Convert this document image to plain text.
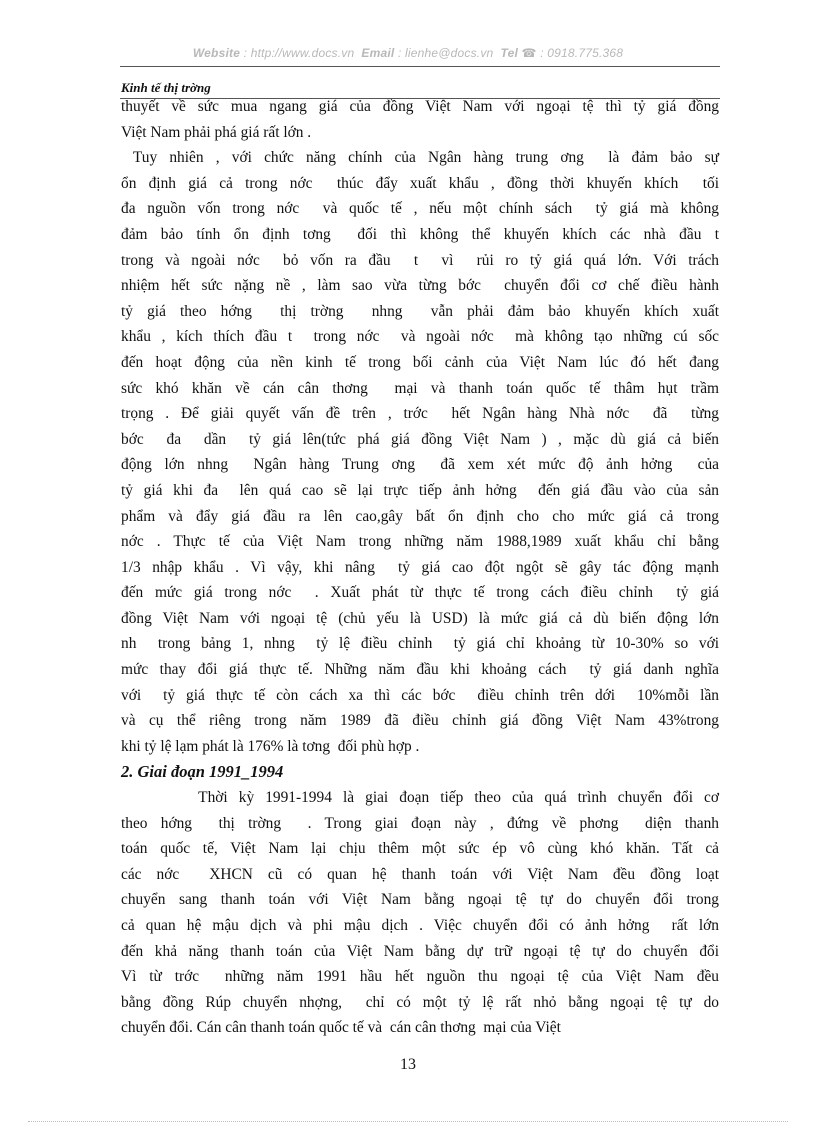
Website : http://www.docs.vn Email : lienhe@docs.vn Tel ☎ : 0918.775.368
Kinh tế thị trờng

thuyết về sức mua ngang giá của đồng Việt Nam với ngoại tệ thì tỷ giá đồng
Việt Nam phải phá giá rất lớn .

Tuy nhiên , với chức năng chính của Ngân hàng trung ơng  là đảm bảo sự
ổn định giá cả trong nớc  thúc đẩy xuất khẩu , đồng thời khuyến khích  tối
đa nguồn vốn trong nớc  và quốc tế , nếu một chính sách  tỷ giá mà không
đảm bảo tính ổn định tơng  đối thì không thể khuyến khích các nhà đầu t
trong và ngoài nớc  bỏ vốn ra đầu  t  vì  rủi ro tỷ giá quá lớn. Với trách
nhiệm hết sức nặng nề , làm sao vừa từng bớc  chuyển đổi cơ chế điều hành
tỷ giá theo hớng  thị trờng  nhng  vẫn phải đảm bảo khuyến khích xuất
khẩu , kích thích đầu t  trong nớc  và ngoài nớc  mà không tạo những cú sốc
đến hoạt động của nền kinh tế trong bối cảnh của Việt Nam lúc đó hết đang
sức khó khăn về cán cân thơng  mại và thanh toán quốc tế thâm hụt trầm
trọng . Để giải quyết vấn đề trên , trớc  hết Ngân hàng Nhà nớc  đã  từng
bớc  đa  dần  tỷ giá lên(tức phá giá đồng Việt Nam ) , mặc dù giá cả biến
động lớn nhng  Ngân hàng Trung ơng  đã xem xét mức độ ảnh hởng  của
tỷ giá khi đa  lên quá cao sẽ lại trực tiếp ảnh hởng  đến giá đầu vào của sản
phẩm và đẩy giá đầu ra lên cao,gây bất ổn định cho cho mức giá cả trong
nớc . Thực tế của Việt Nam trong những năm 1988,1989 xuất khẩu chỉ bằng
1/3 nhập khẩu . Vì vậy, khi nâng  tỷ giá cao đột ngột sẽ gây tác động mạnh
đến mức giá trong nớc  . Xuất phát từ thực tế trong cách điều chỉnh  tỷ giá
đồng Việt Nam với ngoại tệ (chủ yếu là USD) là mức giá cả dù biến động lớn
nh  trong bảng 1, nhng  tỷ lệ điều chỉnh  tỷ giá chỉ khoảng từ 10-30% so với
mức thay đổi giá thực tế. Những năm đầu khi khoảng cách  tỷ giá danh nghĩa
với  tỷ giá thực tế còn cách xa thì các bớc  điều chỉnh trên dới  10%mỗi lần
và cụ thể riêng trong năm 1989 đã điều chỉnh giá đồng Việt Nam 43%trong
khi tỷ lệ lạm phát là 176% là tơng  đối phù hợp .

2. Giai đoạn 1991_1994

Thời kỳ 1991-1994 là giai đoạn tiếp theo của quá trình chuyển đổi cơ
theo hớng  thị trờng  . Trong giai đoạn này , đứng về phơng  diện thanh
toán quốc tế, Việt Nam lại chịu thêm một sức ép vô cùng khó khăn. Tất cả
các nớc  XHCN cũ có quan hệ thanh toán với Việt Nam đều đồng loạt
chuyển sang thanh toán với Việt Nam bằng ngoại tệ tự do chuyển đổi trong
cả quan hệ mậu dịch và phi mậu dịch . Việc chuyển đổi có ảnh hởng  rất lớn
đến khả năng thanh toán của Việt Nam bằng dự trữ ngoại tệ tự do chuyển đổi
Vì từ trớc  những năm 1991 hầu hết nguồn thu ngoại tệ của Việt Nam đều
bằng đồng Rúp chuyển nhợng,  chỉ có một tỷ lệ rất nhỏ bằng ngoại tệ tự do
chuyển đổi. Cán cân thanh toán quốc tế và  cán cân thơng  mại của Việt

13
